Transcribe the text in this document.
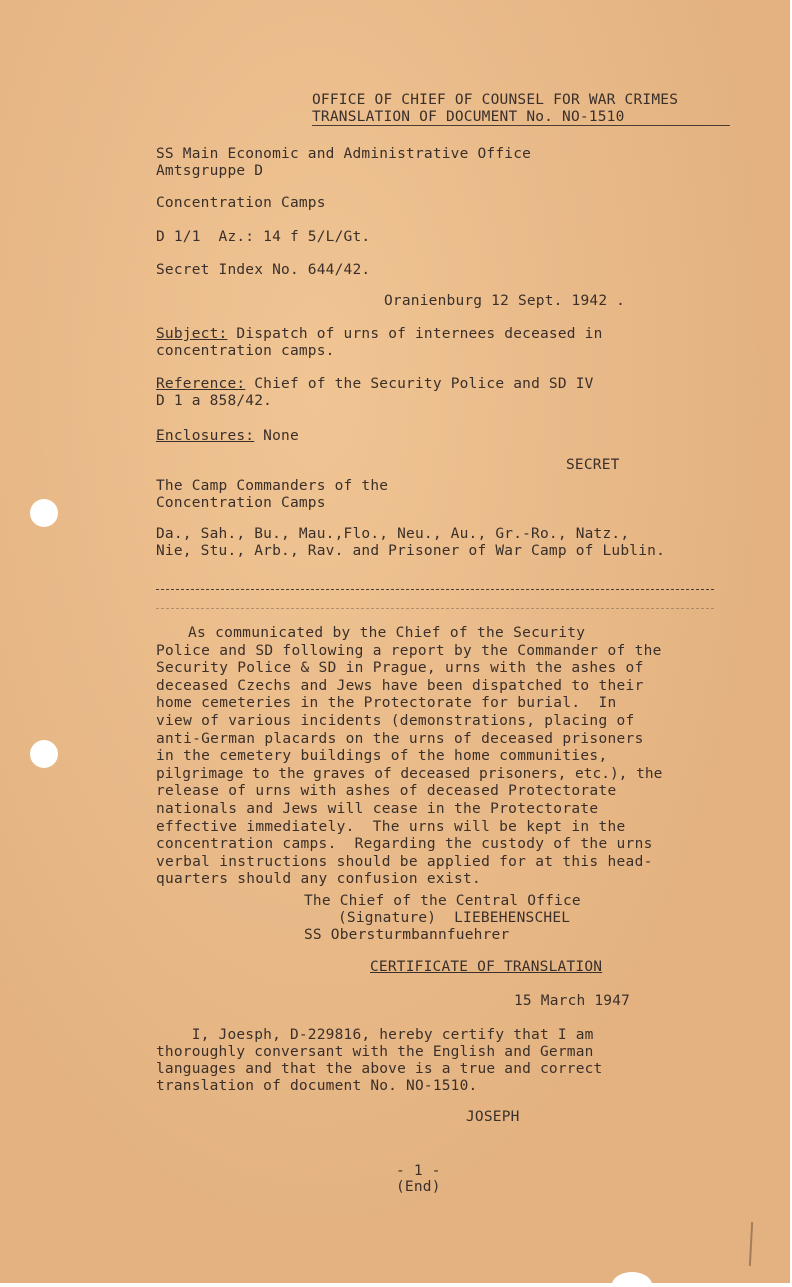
OFFICE OF CHIEF OF COUNSEL FOR WAR CRIMES
TRANSLATION OF DOCUMENT No. NO-1510
SS Main Economic and Administrative Office
Amtsgruppe D
Concentration Camps
D 1/1  Az.: 14 f 5/L/Gt.
Secret Index No. 644/42.
Oranienburg 12 Sept. 1942 .
Subject: Dispatch of urns of internees deceased in
concentration camps.
Reference: Chief of the Security Police and SD IV
D 1 a 858/42.
Enclosures: None
SECRET
The Camp Commanders of the
Concentration Camps
Da., Sah., Bu., Mau.,Flo., Neu., Au., Gr.-Ro., Natz.,
Nie, Stu., Arb., Rav. and Prisoner of War Camp of Lublin.
As communicated by the Chief of the Security
Police and SD following a report by the Commander of the
Security Police & SD in Prague, urns with the ashes of
deceased Czechs and Jews have been dispatched to their
home cemeteries in the Protectorate for burial.  In
view of various incidents (demonstrations, placing of
anti-German placards on the urns of deceased prisoners
in the cemetery buildings of the home communities,
pilgrimage to the graves of deceased prisoners, etc.), the
release of urns with ashes of deceased Protectorate
nationals and Jews will cease in the Protectorate
effective immediately.  The urns will be kept in the
concentration camps.  Regarding the custody of the urns
verbal instructions should be applied for at this head-
quarters should any confusion exist.
The Chief of the Central Office
(Signature)  LIEBEHENSCHEL
SS Obersturmbannfuehrer
CERTIFICATE OF TRANSLATION
15 March 1947
I, Joesph, D-229816, hereby certify that I am
thoroughly conversant with the English and German
languages and that the above is a true and correct
translation of document No. NO-1510.
JOSEPH
- 1 -
(End)
